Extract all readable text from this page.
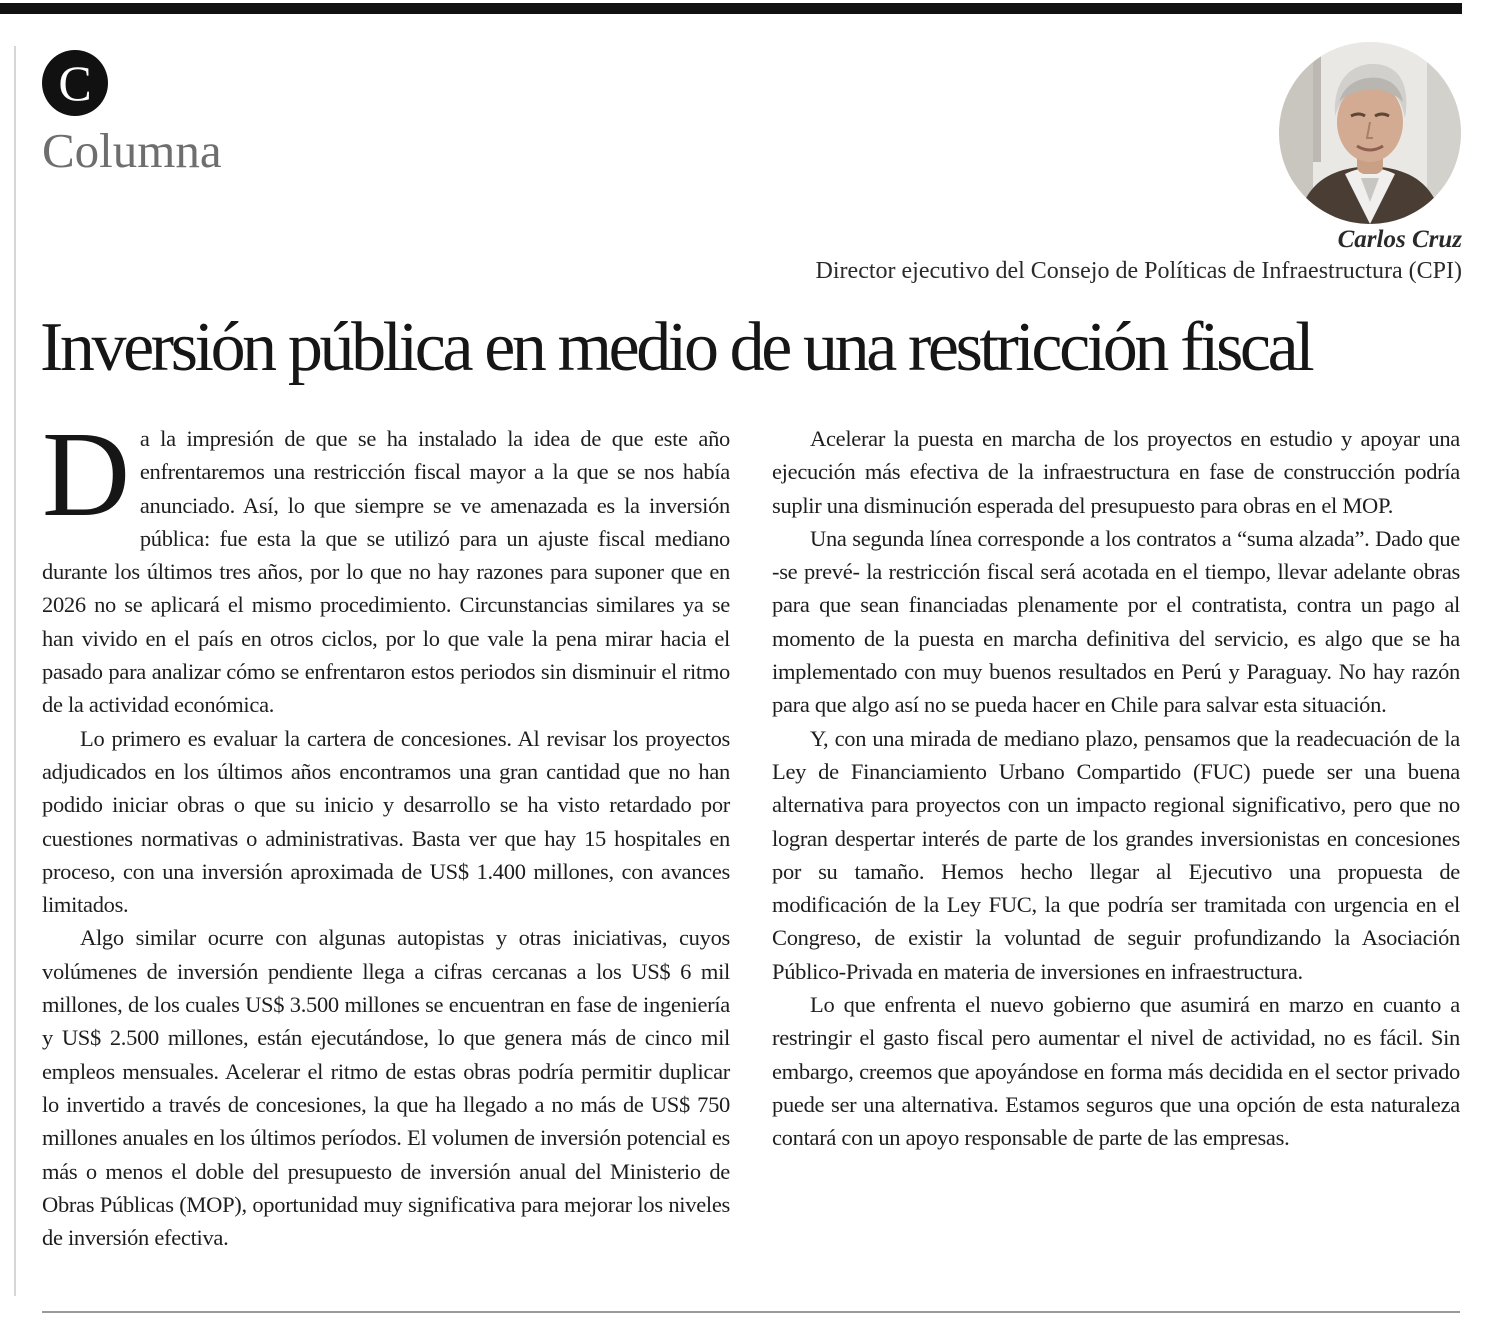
C
Columna
Carlos Cruz
Director ejecutivo del Consejo de Políticas de Infraestructura (CPI)
Inversión pública en medio de una restricción fiscal

Da la impresión de que se ha instalado la idea de que este año enfrentaremos una restricción fiscal mayor a la que se nos había anunciado. Así, lo que siempre se ve amenazada es la inversión pública: fue esta la que se utilizó para un ajuste fiscal mediano durante los últimos tres años, por lo que no hay razones para suponer que en 2026 no se aplicará el mismo procedimiento. Circunstancias similares ya se han vivido en el país en otros ciclos, por lo que vale la pena mirar hacia el pasado para analizar cómo se enfrentaron estos periodos sin disminuir el ritmo de la actividad económica.

Lo primero es evaluar la cartera de concesiones. Al revisar los proyectos adjudicados en los últimos años encontramos una gran cantidad que no han podido iniciar obras o que su inicio y desarrollo se ha visto retardado por cuestiones normativas o administrativas. Basta ver que hay 15 hospitales en proceso, con una inversión aproximada de US$ 1.400 millones, con avances limitados.

Algo similar ocurre con algunas autopistas y otras iniciativas, cuyos volúmenes de inversión pendiente llega a cifras cercanas a los US$ 6 mil millones, de los cuales US$ 3.500 millones se encuentran en fase de ingeniería y US$ 2.500 millones, están ejecutándose, lo que genera más de cinco mil empleos mensuales. Acelerar el ritmo de estas obras podría permitir duplicar lo invertido a través de concesiones, la que ha llegado a no más de US$ 750 millones anuales en los últimos períodos. El volumen de inversión potencial es más o menos el doble del presupuesto de inversión anual del Ministerio de Obras Públicas (MOP), oportunidad muy significativa para mejorar los niveles de inversión efectiva.

Acelerar la puesta en marcha de los proyectos en estudio y apoyar una ejecución más efectiva de la infraestructura en fase de construcción podría suplir una disminución esperada del presupuesto para obras en el MOP.

Una segunda línea corresponde a los contratos a “suma alzada”. Dado que -se prevé- la restricción fiscal será acotada en el tiempo, llevar adelante obras para que sean financiadas plenamente por el contratista, contra un pago al momento de la puesta en marcha definitiva del servicio, es algo que se ha implementado con muy buenos resultados en Perú y Paraguay. No hay razón para que algo así no se pueda hacer en Chile para salvar esta situación.

Y, con una mirada de mediano plazo, pensamos que la readecuación de la Ley de Financiamiento Urbano Compartido (FUC) puede ser una buena alternativa para proyectos con un impacto regional significativo, pero que no logran despertar interés de parte de los grandes inversionistas en concesiones por su tamaño. Hemos hecho llegar al Ejecutivo una propuesta de modificación de la Ley FUC, la que podría ser tramitada con urgencia en el Congreso, de existir la voluntad de seguir profundizando la Asociación Público-Privada en materia de inversiones en infraestructura.

Lo que enfrenta el nuevo gobierno que asumirá en marzo en cuanto a restringir el gasto fiscal pero aumentar el nivel de actividad, no es fácil. Sin embargo, creemos que apoyándose en forma más decidida en el sector privado puede ser una alternativa. Estamos seguros que una opción de esta naturaleza contará con un apoyo responsable de parte de las empresas.
